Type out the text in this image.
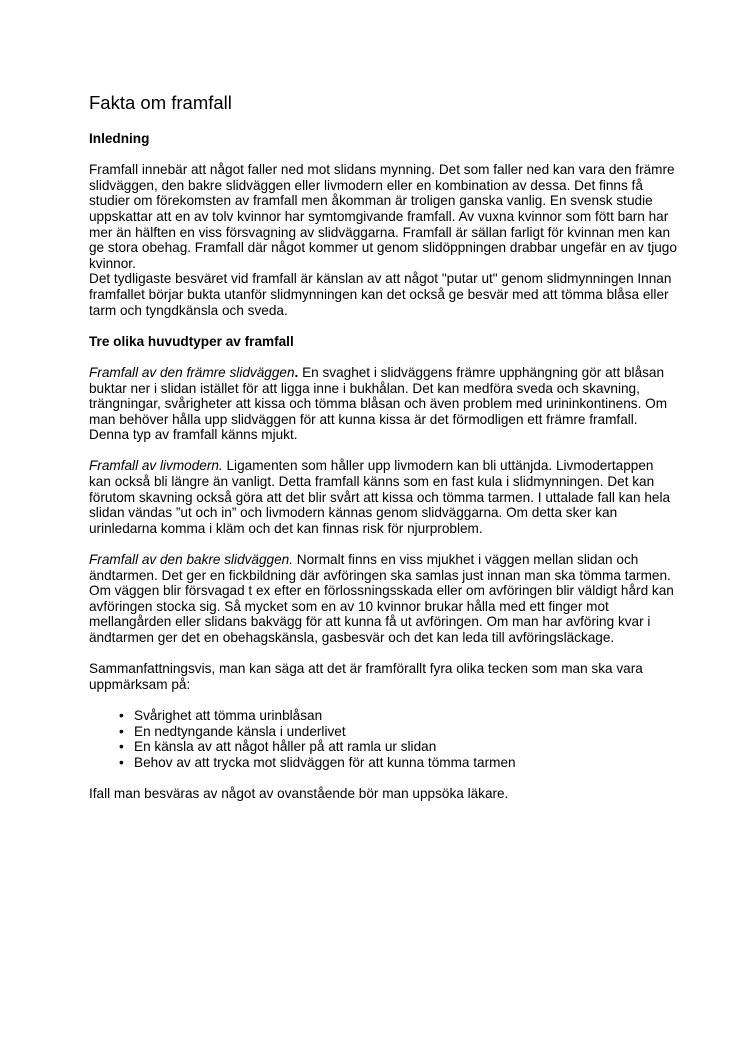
Fakta om framfall
Inledning

Framfall innebär att något faller ned mot slidans mynning. Det som faller ned kan vara den främre slidväggen, den bakre slidväggen eller livmodern eller en kombination av dessa. Det finns få studier om förekomsten av framfall men åkomman är troligen ganska vanlig. En svensk studie uppskattar att en av tolv kvinnor har symtomgivande framfall. Av vuxna kvinnor som fött barn har mer än hälften en viss försvagning av slidväggarna. Framfall är sällan farligt för kvinnan men kan ge stora obehag. Framfall där något kommer ut genom slidöppningen drabbar ungefär en av tjugo kvinnor.

Det tydligaste besväret vid framfall är känslan av att något "putar ut" genom slidmynningen Innan framfallet börjar bukta utanför slidmynningen kan det också ge besvär med att tömma blåsa eller tarm och tyngdkänsla och sveda.

Tre olika huvudtyper av framfall

Framfall av den främre slidväggen. En svaghet i slidväggens främre upphängning gör att blåsan buktar ner i slidan istället för att ligga inne i bukhålan. Det kan medföra sveda och skavning, trängningar, svårigheter att kissa och tömma blåsan och även problem med urininkontinens. Om man behöver hålla upp slidväggen för att kunna kissa är det förmodligen ett främre framfall. Denna typ av framfall känns mjukt.

Framfall av livmodern. Ligamenten som håller upp livmodern kan bli uttänjda. Livmodertappen kan också bli längre än vanligt. Detta framfall känns som en fast kula i slidmynningen. Det kan förutom skavning också göra att det blir svårt att kissa och tömma tarmen. I uttalade fall kan hela slidan vändas ”ut och in” och livmodern kännas genom slidväggarna. Om detta sker kan urinledarna komma i kläm och det kan finnas risk för njurproblem.

Framfall av den bakre slidväggen. Normalt finns en viss mjukhet i väggen mellan slidan och ändtarmen. Det ger en fickbildning där avföringen ska samlas just innan man ska tömma tarmen. Om väggen blir försvagad t ex efter en förlossningsskada eller om avföringen blir väldigt hård kan avföringen stocka sig. Så mycket som en av 10 kvinnor brukar hålla med ett finger mot mellangården eller slidans bakvägg för att kunna få ut avföringen. Om man har avföring kvar i ändtarmen ger det en obehagskänsla, gasbesvär och det kan leda till avföringsläckage.

Sammanfattningsvis, man kan säga att det är framförallt fyra olika tecken som man ska vara uppmärksam på:

• Svårighet att tömma urinblåsan
• En nedtyngande känsla i underlivet
• En känsla av att något håller på att ramla ur slidan
• Behov av att trycka mot slidväggen för att kunna tömma tarmen

Ifall man besväras av något av ovanstående bör man uppsöka läkare.
